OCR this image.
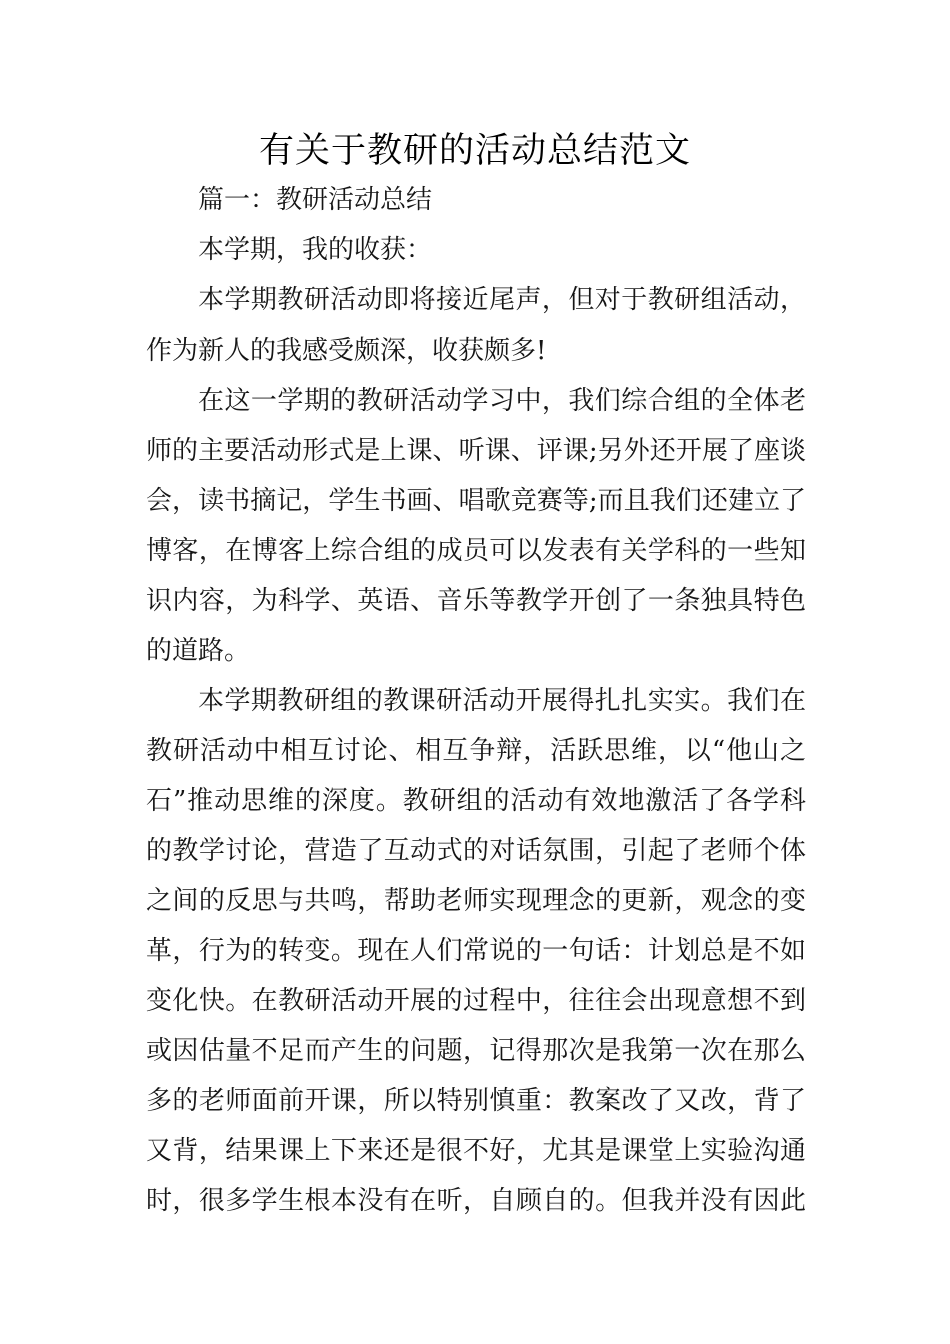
有关于教研的活动总结范文
篇一：教研活动总结
本学期，我的收获：
本学期教研活动即将接近尾声，但对于教研组活动，
作为新人的我感受颇深，收获颇多!
在这一学期的教研活动学习中，我们综合组的全体老
师的主要活动形式是上课、听课、评课;另外还开展了座谈
会，读书摘记，学生书画、唱歌竞赛等;而且我们还建立了
博客，在博客上综合组的成员可以发表有关学科的一些知
识内容，为科学、英语、音乐等教学开创了一条独具特色
的道路。
本学期教研组的教课研活动开展得扎扎实实。我们在
教研活动中相互讨论、相互争辩，活跃思维，以“他山之
石”推动思维的深度。教研组的活动有效地激活了各学科
的教学讨论，营造了互动式的对话氛围，引起了老师个体
之间的反思与共鸣，帮助老师实现理念的更新，观念的变
革，行为的转变。现在人们常说的一句话：计划总是不如
变化快。在教研活动开展的过程中，往往会出现意想不到
或因估量不足而产生的问题，记得那次是我第一次在那么
多的老师面前开课，所以特别慎重：教案改了又改，背了
又背，结果课上下来还是很不好，尤其是课堂上实验沟通
时，很多学生根本没有在听，自顾自的。但我并没有因此
